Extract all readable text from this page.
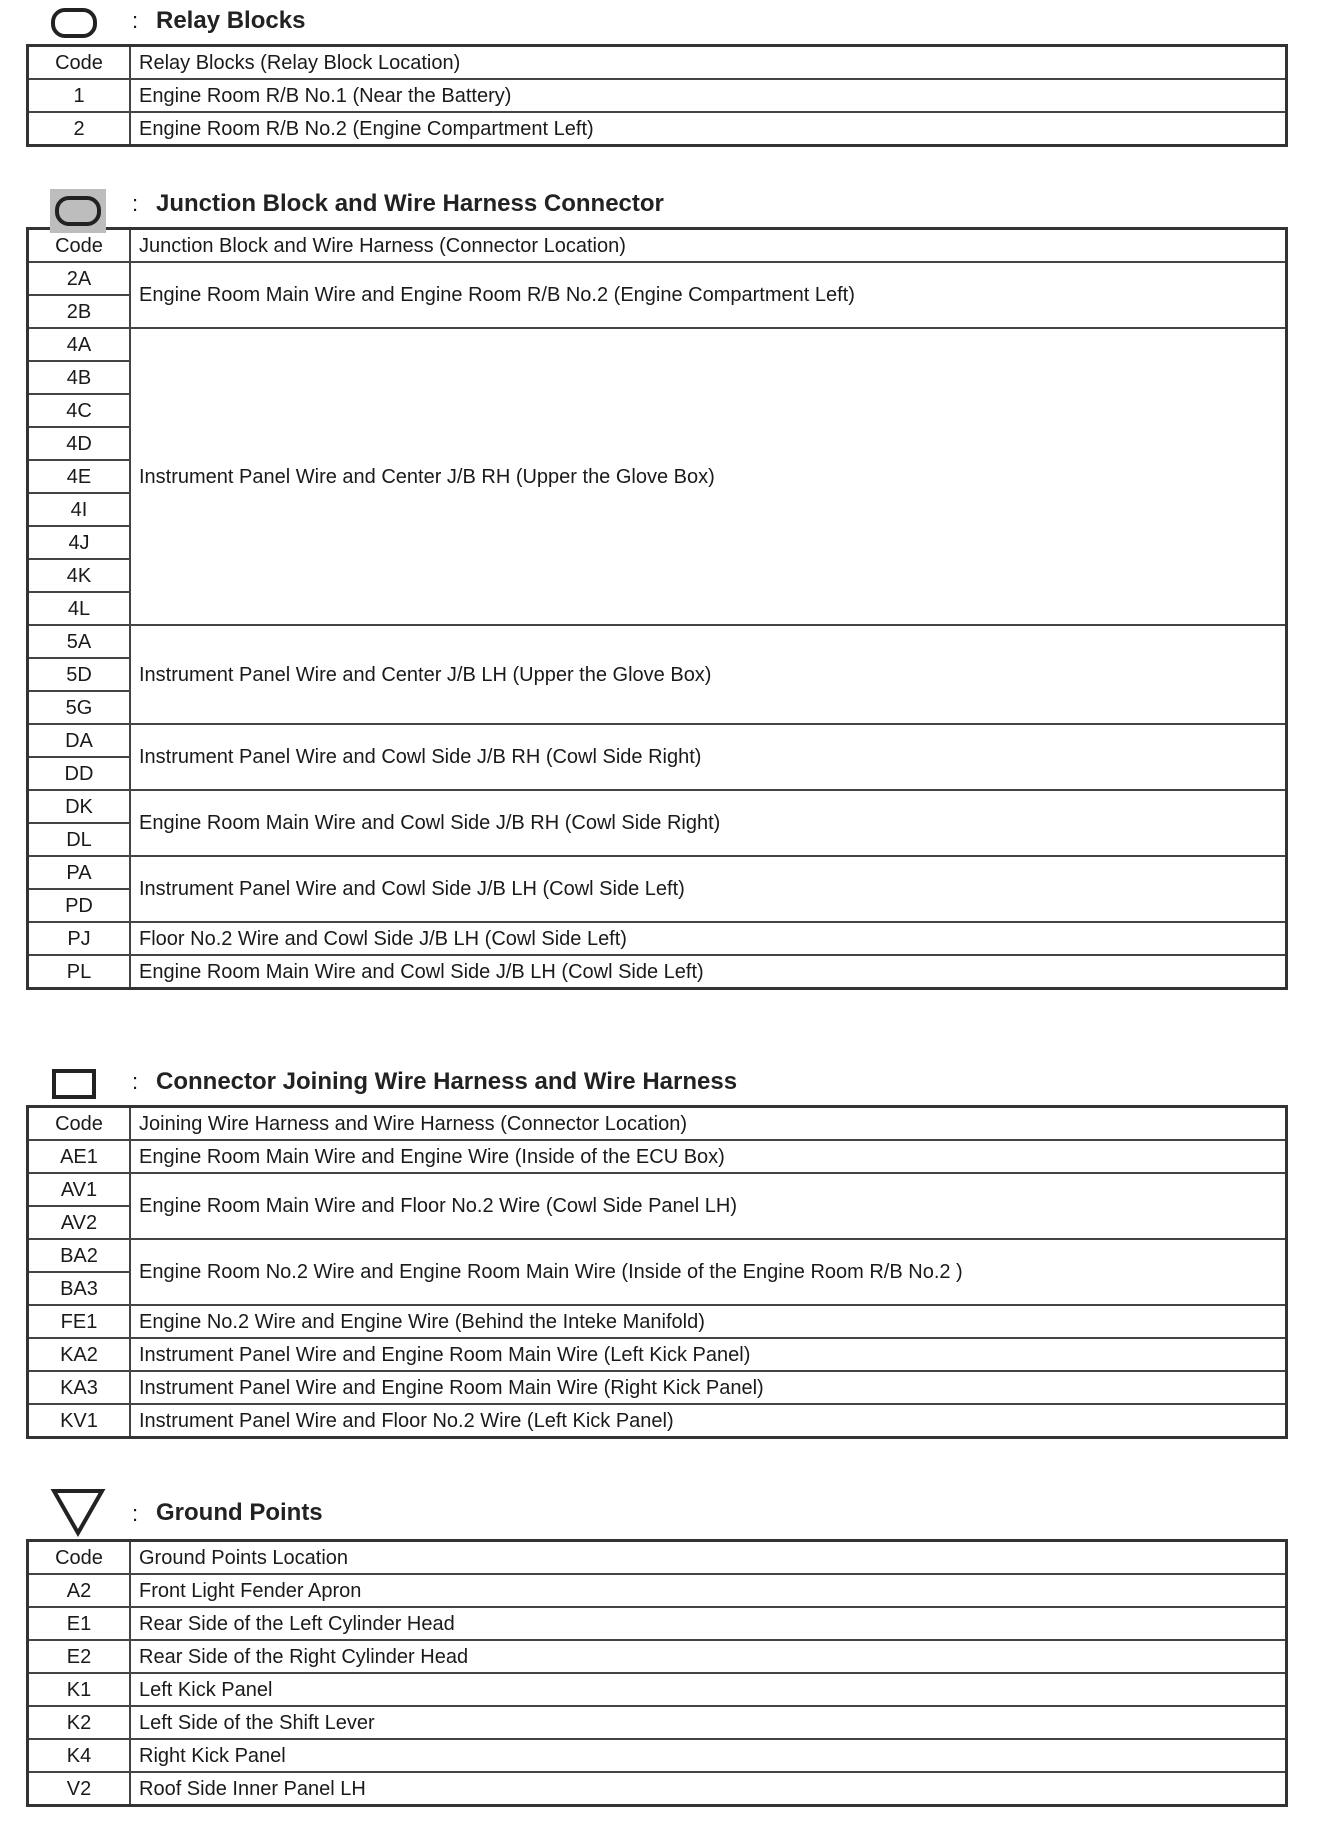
: Relay Blocks
Code	Relay Blocks (Relay Block Location)
1	Engine Room R/B No.1 (Near the Battery)
2	Engine Room R/B No.2 (Engine Compartment Left)
: Junction Block and Wire Harness Connector
Code	Junction Block and Wire Harness (Connector Location)
2A	Engine Room Main Wire and Engine Room R/B No.2 (Engine Compartment Left)
2B	
4A	Instrument Panel Wire and Center J/B RH (Upper the Glove Box)
4B	
4C	
4D	
4E	
4I	
4J	
4K	
4L	
5A	Instrument Panel Wire and Center J/B LH (Upper the Glove Box)
5D	
5G	
DA	Instrument Panel Wire and Cowl Side J/B RH (Cowl Side Right)
DD	
DK	Engine Room Main Wire and Cowl Side J/B RH (Cowl Side Right)
DL	
PA	Instrument Panel Wire and Cowl Side J/B LH (Cowl Side Left)
PD	
PJ	Floor No.2 Wire and Cowl Side J/B LH (Cowl Side Left)
PL	Engine Room Main Wire and Cowl Side J/B LH (Cowl Side Left)
: Connector Joining Wire Harness and Wire Harness
Code	Joining Wire Harness and Wire Harness (Connector Location)
AE1	Engine Room Main Wire and Engine Wire (Inside of the ECU Box)
AV1	Engine Room Main Wire and Floor No.2 Wire (Cowl Side Panel LH)
AV2	
BA2	Engine Room No.2 Wire and Engine Room Main Wire (Inside of the Engine Room R/B No.2 )
BA3	
FE1	Engine No.2 Wire and Engine Wire (Behind the Inteke Manifold)
KA2	Instrument Panel Wire and Engine Room Main Wire (Left Kick Panel)
KA3	Instrument Panel Wire and Engine Room Main Wire (Right Kick Panel)
KV1	Instrument Panel Wire and Floor No.2 Wire (Left Kick Panel)
: Ground Points
Code	Ground Points Location
A2	Front Light Fender Apron
E1	Rear Side of the Left Cylinder Head
E2	Rear Side of the Right Cylinder Head
K1	Left Kick Panel
K2	Left Side of the Shift Lever
K4	Right Kick Panel
V2	Roof Side Inner Panel LH
